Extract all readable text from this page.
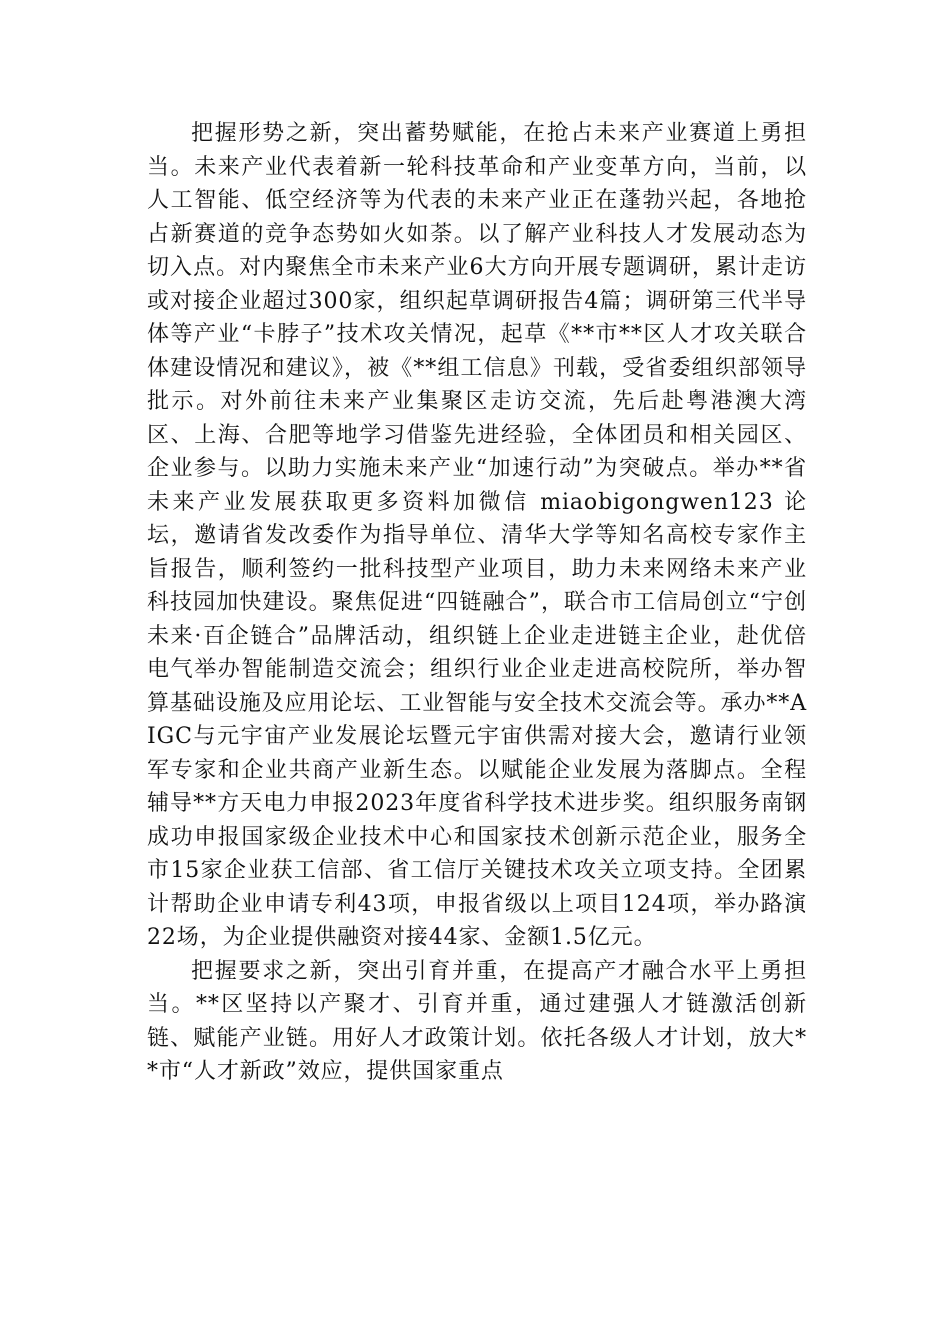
把握形势之新，突出蓄势赋能，在抢占未来产业赛道上勇担当。未来产业代表着新一轮科技革命和产业变革方向，当前，以人工智能、低空经济等为代表的未来产业正在蓬勃兴起，各地抢占新赛道的竞争态势如火如荼。以了解产业科技人才发展动态为切入点。对内聚焦全市未来产业6大方向开展专题调研，累计走访或对接企业超过300家，组织起草调研报告4篇；调研第三代半导体等产业“卡脖子”技术攻关情况，起草《**市**区人才攻关联合体建设情况和建议》，被《**组工信息》刊载，受省委组织部领导批示。对外前往未来产业集聚区走访交流，先后赴粤港澳大湾区、上海、合肥等地学习借鉴先进经验，全体团员和相关园区、企业参与。以助力实施未来产业“加速行动”为突破点。举办**省未来产业发展获取更多资料加微信 miaobigongwen123 论坛，邀请省发改委作为指导单位、清华大学等知名高校专家作主旨报告，顺利签约一批科技型产业项目，助力未来网络未来产业科技园加快建设。聚焦促进“四链融合”，联合市工信局创立“宁创未来·百企链合”品牌活动，组织链上企业走进链主企业，赴优倍电气举办智能制造交流会；组织行业企业走进高校院所，举办智算基础设施及应用论坛、工业智能与安全技术交流会等。承办**AIGC与元宇宙产业发展论坛暨元宇宙供需对接大会，邀请行业领军专家和企业共商产业新生态。以赋能企业发展为落脚点。全程辅导**方天电力申报2023年度省科学技术进步奖。组织服务南钢成功申报国家级企业技术中心和国家技术创新示范企业，服务全市15家企业获工信部、省工信厅关键技术攻关立项支持。全团累计帮助企业申请专利43项，申报省级以上项目124项，举办路演22场，为企业提供融资对接44家、金额1.5亿元。

把握要求之新，突出引育并重，在提高产才融合水平上勇担当。**区坚持以产聚才、引育并重，通过建强人才链激活创新链、赋能产业链。用好人才政策计划。依托各级人才计划，放大**市“人才新政”效应，提供国家重点
